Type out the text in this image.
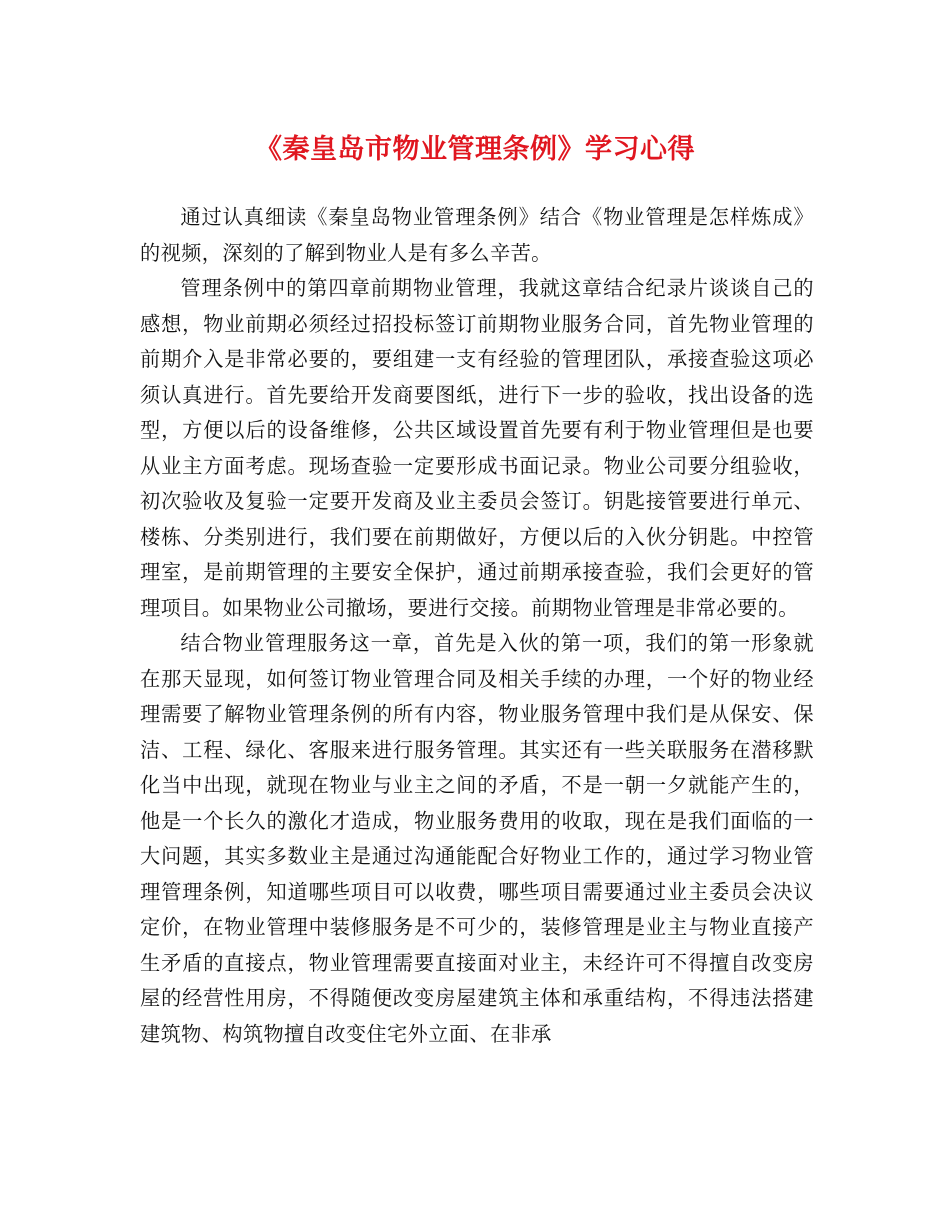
《秦皇岛市物业管理条例》学习心得

通过认真细读《秦皇岛物业管理条例》结合《物业管理是怎样炼成》的视频，深刻的了解到物业人是有多么辛苦。

管理条例中的第四章前期物业管理，我就这章结合纪录片谈谈自己的感想，物业前期必须经过招投标签订前期物业服务合同，首先物业管理的前期介入是非常必要的，要组建一支有经验的管理团队，承接查验这项必须认真进行。首先要给开发商要图纸，进行下一步的验收，找出设备的选型，方便以后的设备维修，公共区域设置首先要有利于物业管理但是也要从业主方面考虑。现场查验一定要形成书面记录。物业公司要分组验收，初次验收及复验一定要开发商及业主委员会签订。钥匙接管要进行单元、楼栋、分类别进行，我们要在前期做好，方便以后的入伙分钥匙。中控管理室，是前期管理的主要安全保护，通过前期承接查验，我们会更好的管理项目。如果物业公司撤场，要进行交接。前期物业管理是非常必要的。

结合物业管理服务这一章，首先是入伙的第一项，我们的第一形象就在那天显现，如何签订物业管理合同及相关手续的办理，一个好的物业经理需要了解物业管理条例的所有内容，物业服务管理中我们是从保安、保洁、工程、绿化、客服来进行服务管理。其实还有一些关联服务在潜移默化当中出现，就现在物业与业主之间的矛盾，不是一朝一夕就能产生的，他是一个长久的激化才造成，物业服务费用的收取，现在是我们面临的一大问题，其实多数业主是通过沟通能配合好物业工作的，通过学习物业管理管理条例，知道哪些项目可以收费，哪些项目需要通过业主委员会决议定价，在物业管理中装修服务是不可少的，装修管理是业主与物业直接产生矛盾的直接点，物业管理需要直接面对业主，未经许可不得擅自改变房屋的经营性用房，不得随便改变房屋建筑主体和承重结构，不得违法搭建建筑物、构筑物擅自改变住宅外立面、在非承
